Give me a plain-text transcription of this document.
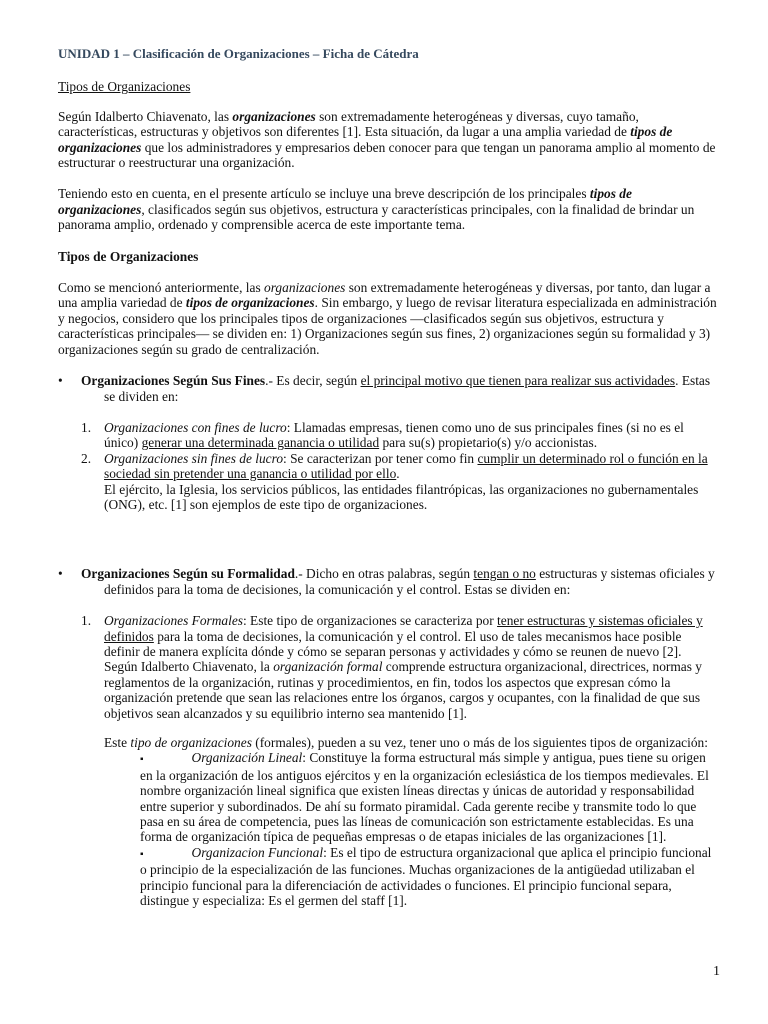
UNIDAD 1 – Clasificación de Organizaciones – Ficha de Cátedra

Tipos de Organizaciones

Según Idalberto Chiavenato, las organizaciones son extremadamente heterogéneas y diversas, cuyo tamaño, características, estructuras y objetivos son diferentes [1]. Esta situación, da lugar a una amplia variedad de tipos de organizaciones que los administradores y empresarios deben conocer para que tengan un panorama amplio al momento de estructurar o reestructurar una organización.

Teniendo esto en cuenta, en el presente artículo se incluye una breve descripción de los principales tipos de organizaciones, clasificados según sus objetivos, estructura y características principales, con la finalidad de brindar un panorama amplio, ordenado y comprensible acerca de este importante tema.

Tipos de Organizaciones

Como se mencionó anteriormente, las organizaciones son extremadamente heterogéneas y diversas, por tanto, dan lugar a una amplia variedad de tipos de organizaciones. Sin embargo, y luego de revisar literatura especializada en administración y negocios, considero que los principales tipos de organizaciones —clasificados según sus objetivos, estructura y características principales— se dividen en: 1) Organizaciones según sus fines, 2) organizaciones según su formalidad y 3) organizaciones según su grado de centralización.

• Organizaciones Según Sus Fines.- Es decir, según el principal motivo que tienen para realizar sus actividades. Estas se dividen en:
1. Organizaciones con fines de lucro: Llamadas empresas, tienen como uno de sus principales fines (si no es el único) generar una determinada ganancia o utilidad para su(s) propietario(s) y/o accionistas.
2. Organizaciones sin fines de lucro: Se caracterizan por tener como fin cumplir un determinado rol o función en la sociedad sin pretender una ganancia o utilidad por ello.
El ejército, la Iglesia, los servicios públicos, las entidades filantrópicas, las organizaciones no gubernamentales (ONG), etc. [1] son ejemplos de este tipo de organizaciones.
• Organizaciones Según su Formalidad.- Dicho en otras palabras, según tengan o no estructuras y sistemas oficiales y definidos para la toma de decisiones, la comunicación y el control. Estas se dividen en:
1. Organizaciones Formales: Este tipo de organizaciones se caracteriza por tener estructuras y sistemas oficiales y definidos para la toma de decisiones, la comunicación y el control. El uso de tales mecanismos hace posible definir de manera explícita dónde y cómo se separan personas y actividades y cómo se reunen de nuevo [2].
Según Idalberto Chiavenato, la organización formal comprende estructura organizacional, directrices, normas y reglamentos de la organización, rutinas y procedimientos, en fin, todos los aspectos que expresan cómo la organización pretende que sean las relaciones entre los órganos, cargos y ocupantes, con la finalidad de que sus objetivos sean alcanzados y su equilibrio interno sea mantenido [1].
Este tipo de organizaciones (formales), pueden a su vez, tener uno o más de los siguientes tipos de organización:
▪	Organización Lineal: Constituye la forma estructural más simple y antigua, pues tiene su origen en la organización de los antiguos ejércitos y en la organización eclesiástica de los tiempos medievales. El nombre organización lineal significa que existen líneas directas y únicas de autoridad y responsabilidad entre superior y subordinados. De ahí su formato piramidal. Cada gerente recibe y transmite todo lo que pasa en su área de competencia, pues las líneas de comunicación son estrictamente establecidas. Es una forma de organización típica de pequeñas empresas o de etapas iniciales de las organizaciones [1].
▪	Organizacion Funcional: Es el tipo de estructura organizacional que aplica el principio funcional o principio de la especialización de las funciones. Muchas organizaciones de la antigüedad utilizaban el principio funcional para la diferenciación de actividades o funciones. El principio funcional separa, distingue y especializa: Es el germen del staff [1].
1
